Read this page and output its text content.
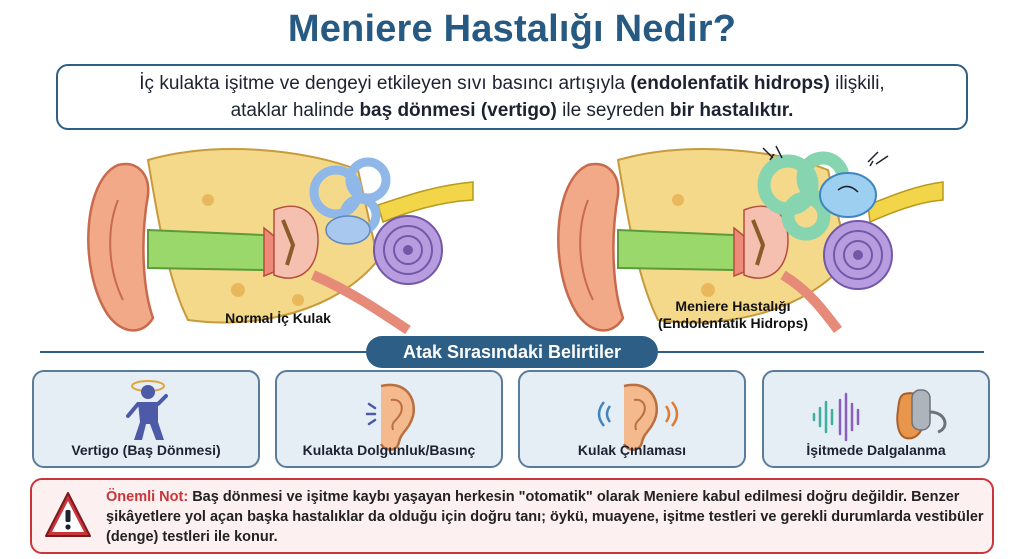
Meniere Hastalığı Nedir?
İç kulakta işitme ve dengeyi etkileyen sıvı basıncı artışıyla (endolenfatik hidrops) ilişkili,
ataklar halinde baş dönmesi (vertigo) ile seyreden bir hastalıktır.
Normal İç Kulak
Meniere Hastalığı
(Endolenfatik Hidrops)
Atak Sırasındaki Belirtiler
Vertigo (Baş Dönmesi)	Kulakta Dolgunluk/Basınç	Kulak Çınlaması	İşitmede Dalgalanma
Önemli Not: Baş dönmesi ve işitme kaybı yaşayan herkesin "otomatik" olarak Meniere kabul edilmesi doğru değildir. Benzer şikâyetlere yol açan başka hastalıklar da olduğu için doğru tanı; öykü, muayene, işitme testleri ve gerekli durumlarda vestibüler (denge) testleri ile konur.
